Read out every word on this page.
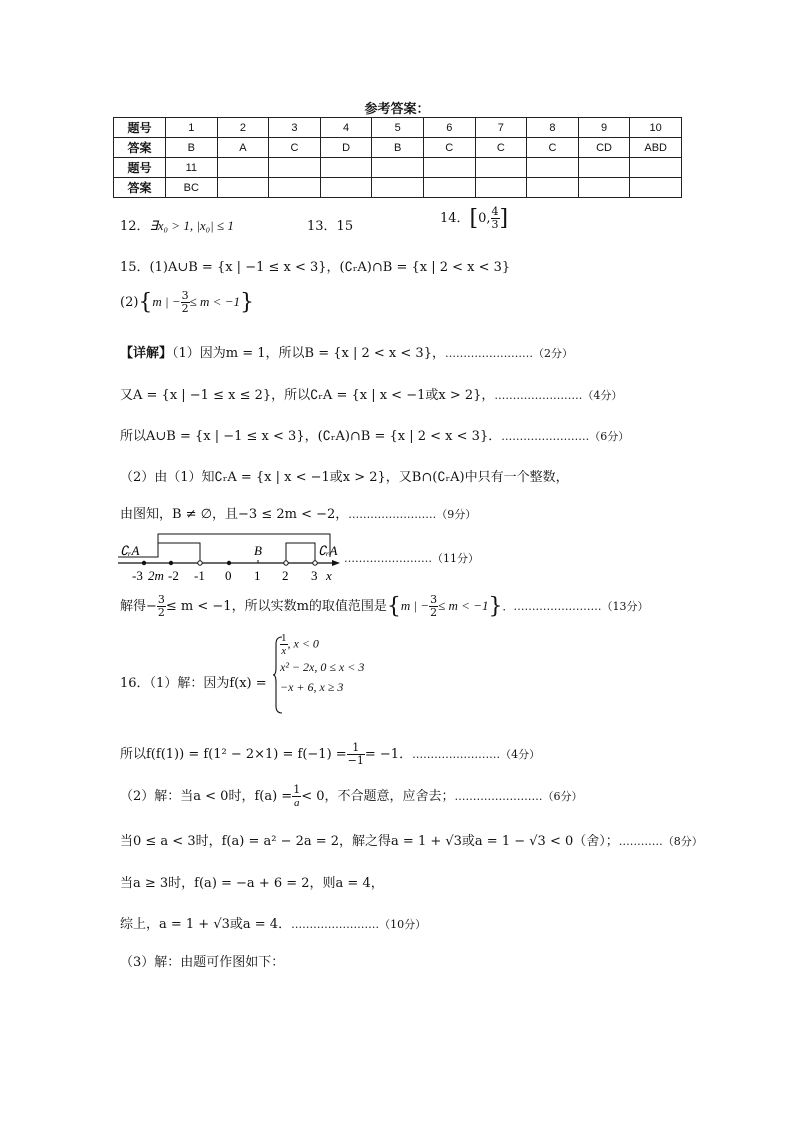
参考答案：
题号	1	2	3	4	5	6	7	8	9	10
答案	B	A	C	D	B	C	C	C	CD	ABD
题号	11									
答案	BC									
12．∃x₀ > 1, |x₀| ≤ 1	13．15
14．[0, $\frac{4}{3}$ ]
15．(1)A∪B = {x | −1 ≤ x < 3}，(∁ᵣA)∩B = {x | 2 < x < 3}
(2){m | − $\frac{3}{2} \le m < -1$}
【详解】（1）因为m = 1，所以B = {x | 2 < x < 3}，……………………（2分）
又A = {x | −1 ≤ x ≤ 2}，所以∁ᵣA = {x | x < −1或x > 2}，……………………（4分）
所以A∪B = {x | −1 ≤ x < 3}，(∁ᵣA)∩B = {x | 2 < x < 3}．……………………（6分）
（2）由（1）知∁ᵣA = {x | x < −1或x > 2}，又B∩(∁ᵣA)中只有一个整数，
由图知，B ≠ ∅，且−3 ≤ 2m < −2，……………………（9分）
∁ᵣA	B	∁ᵣA
-3 2m -2 -1 0 1 2 3 x
……………………（11分）
解得− $\frac{3}{2} \le m < -1$，所以实数m的取值范围是{m | − $\frac{3}{2} \le m < -1$}．……………………（13分）
16．（1）解：因为f(x) =
$\frac{1}{x}$ , x < 0
x² − 2x, 0 ≤ x < 3
−x + 6, x ≥ 3
所以$f(f(1)) = f(1^2 - 2\times 1) = f(-1) = \frac{1}{-1} = -1$．……………………（4分）
（2）解：当a < 0时，$f(a) = \frac{1}{a} < 0$，不合题意，应舍去；……………………（6分）
当0 ≤ a < 3时，f(a) = a² − 2a = 2，解之得a = 1 + √3或a = 1 − √3 < 0（舍）；…………（8分）
当a ≥ 3时，f(a) = −a + 6 = 2，则a = 4，
综上，a = 1 + √3或a = 4．……………………（10分）
（3）解：由题可作图如下：
